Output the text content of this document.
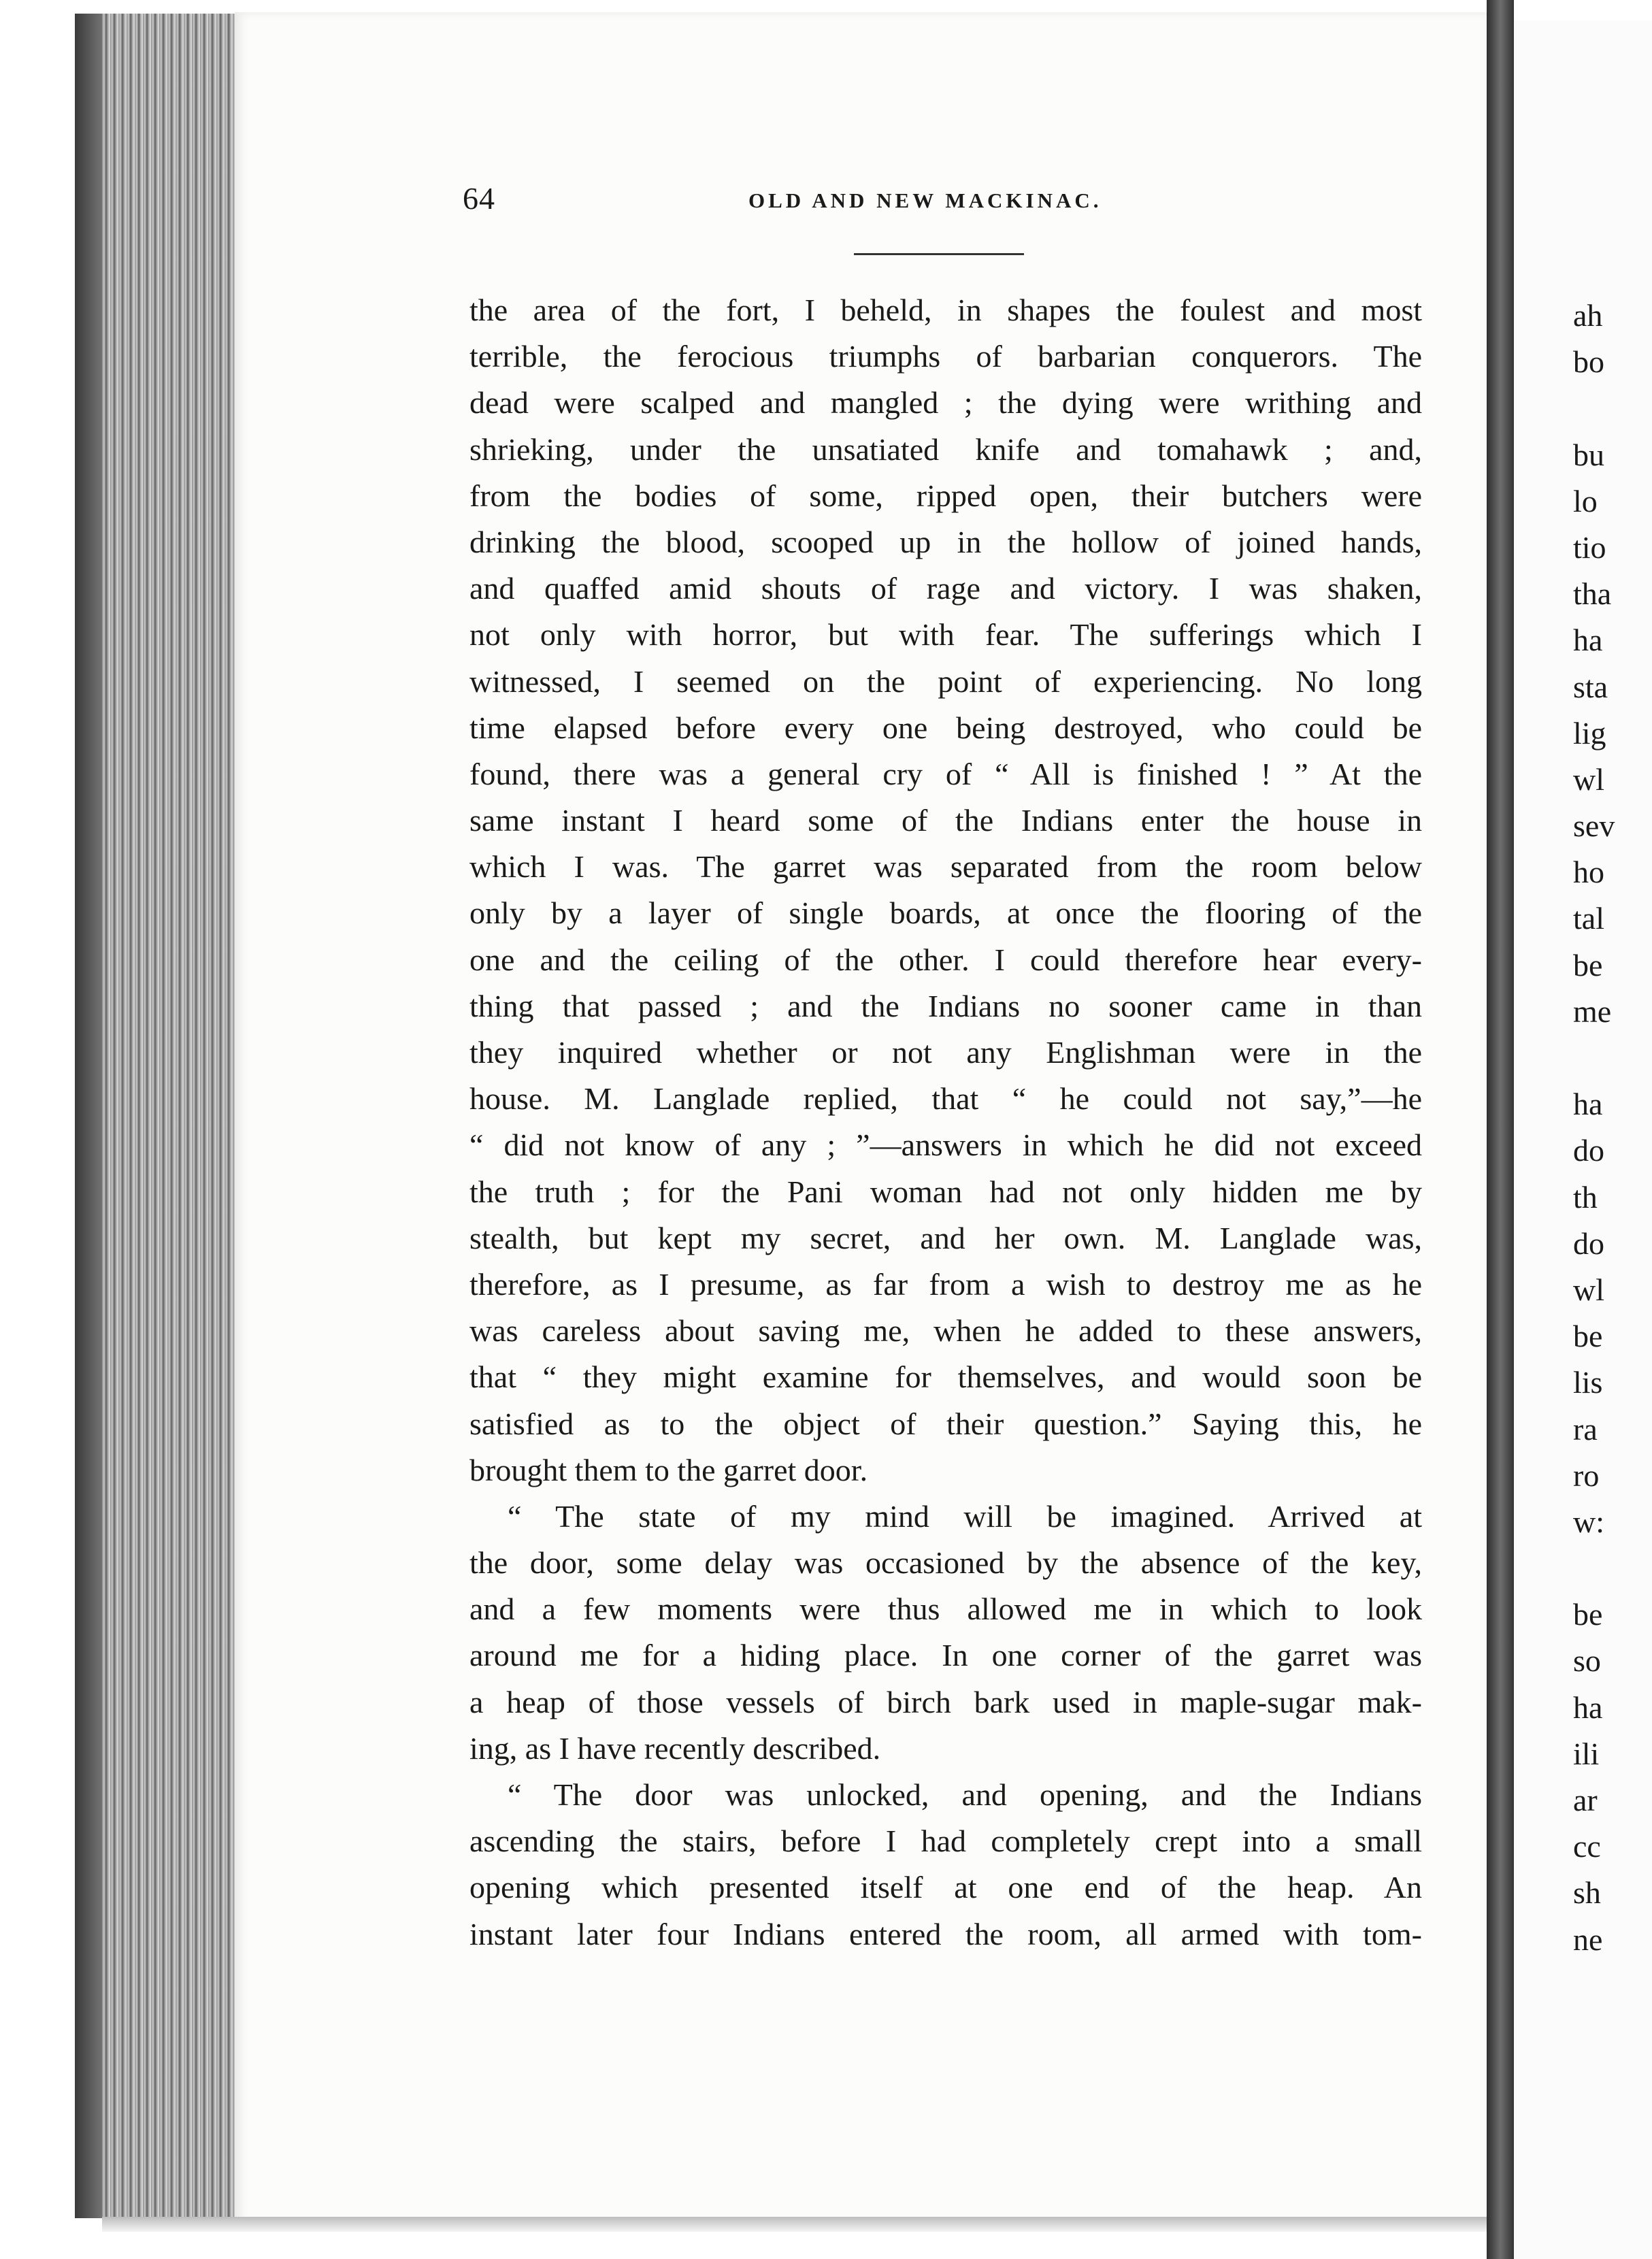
64	OLD AND NEW MACKINAC.
the area of the fort, I beheld, in shapes the foulest and most
terrible, the ferocious triumphs of barbarian conquerors. The
dead were scalped and mangled ; the dying were writhing and
shrieking, under the unsatiated knife and tomahawk ; and,
from the bodies of some, ripped open, their butchers were
drinking the blood, scooped up in the hollow of joined hands,
and quaffed amid shouts of rage and victory. I was shaken,
not only with horror, but with fear. The sufferings which I
witnessed, I seemed on the point of experiencing. No long
time elapsed before every one being destroyed, who could be
found, there was a general cry of “ All is finished ! ” At the
same instant I heard some of the Indians enter the house in
which I was. The garret was separated from the room below
only by a layer of single boards, at once the flooring of the
one and the ceiling of the other. I could therefore hear every-
thing that passed ; and the Indians no sooner came in than
they inquired whether or not any Englishman were in the
house. M. Langlade replied, that “ he could not say,”—he
“ did not know of any ; ”—answers in which he did not exceed
the truth ; for the Pani woman had not only hidden me by
stealth, but kept my secret, and her own. M. Langlade was,
therefore, as I presume, as far from a wish to destroy me as he
was careless about saving me, when he added to these answers,
that “ they might examine for themselves, and would soon be
satisfied as to the object of their question.” Saying this, he
brought them to the garret door.
“ The state of my mind will be imagined. Arrived at
the door, some delay was occasioned by the absence of the key,
and a few moments were thus allowed me in which to look
around me for a hiding place. In one corner of the garret was
a heap of those vessels of birch bark used in maple-sugar mak-
ing, as I have recently described.
“ The door was unlocked, and opening, and the Indians
ascending the stairs, before I had completely crept into a small
opening which presented itself at one end of the heap. An
instant later four Indians entered the room, all armed with tom-
ah
bo
bu
lo
tio
tha
ha
sta
lig
wl
sev
ho
tal
be
me
ha
do
th
do
wl
be
lis
ra
ro
w:
be
so
ha
ili
ar
cc
sh
ne
